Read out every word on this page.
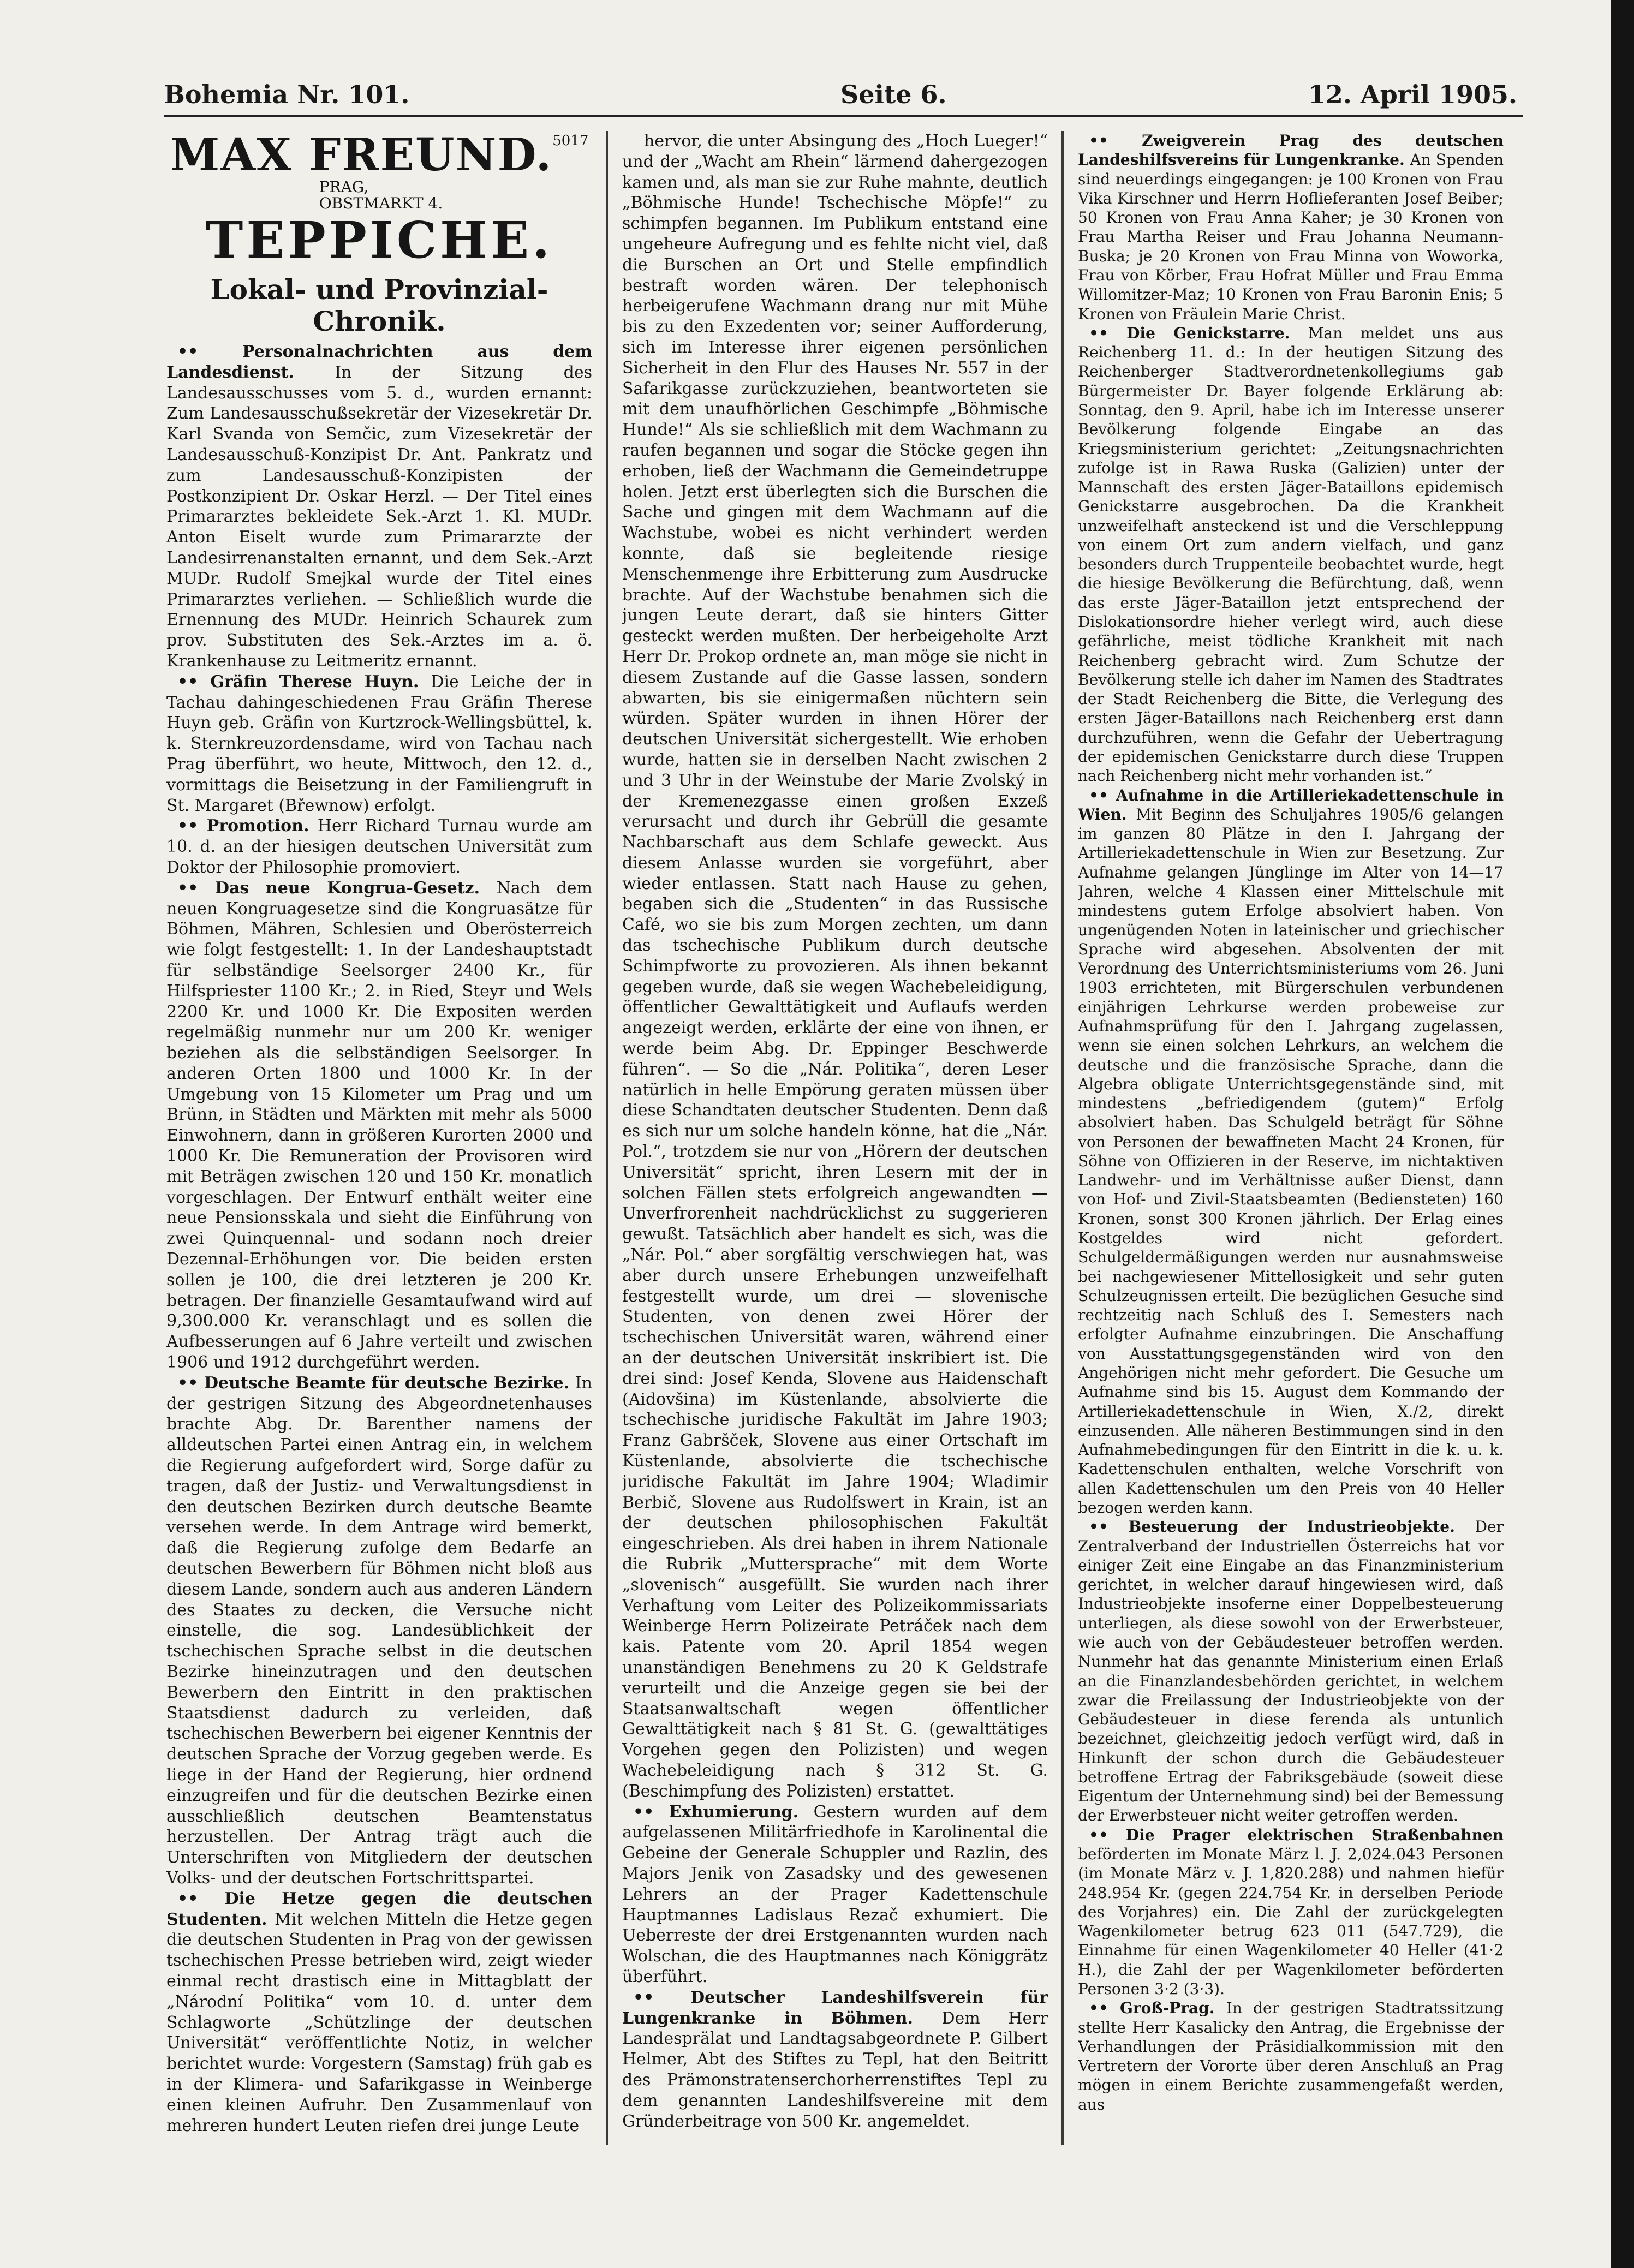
Bohemia Nr. 101.	Seite 6.	12. April 1905.
MAX FREUND.5017 PRAG,
OBSTMARKT 4.
TEPPICHE.
Lokal- und Provinzial-Chronik.

•• Personalnachrichten aus dem Landesdienst. In der Sitzung des Landesausschusses vom 5. d., wurden ernannt: Zum Landesausschußsekretär der Vizesekretär Dr. Karl Svanda von Semčic, zum Vizesekretär der Landesausschuß-Konzipist Dr. Ant. Pankratz und zum Landesausschuß-Konzipisten der Postkonzipient Dr. Oskar Herzl. — Der Titel eines Primararztes bekleidete Sek.-Arzt 1. Kl. MUDr. Anton Eiselt wurde zum Primararzte der Landesirrenanstalten ernannt, und dem Sek.-Arzt MUDr. Rudolf Smejkal wurde der Titel eines Primararztes verliehen. — Schließlich wurde die Ernennung des MUDr. Heinrich Schaurek zum prov. Substituten des Sek.-Arztes im a. ö. Krankenhause zu Leitmeritz ernannt.

•• Gräfin Therese Huyn. Die Leiche der in Tachau dahingeschiedenen Frau Gräfin Therese Huyn geb. Gräfin von Kurtzrock-Wellingsbüttel, k. k. Sternkreuzordensdame, wird von Tachau nach Prag überführt, wo heute, Mittwoch, den 12. d., vormittags die Beisetzung in der Familiengruft in St. Margaret (Břewnow) erfolgt.

•• Promotion. Herr Richard Turnau wurde am 10. d. an der hiesigen deutschen Universität zum Doktor der Philosophie promoviert.

•• Das neue Kongrua-Gesetz. Nach dem neuen Kongruagesetze sind die Kongruasätze für Böhmen, Mähren, Schlesien und Oberösterreich wie folgt festgestellt: 1. In der Landeshauptstadt für selbständige Seelsorger 2400 Kr., für Hilfspriester 1100 Kr.; 2. in Ried, Steyr und Wels 2200 Kr. und 1000 Kr. Die Expositen werden regelmäßig nunmehr nur um 200 Kr. weniger beziehen als die selbständigen Seelsorger. In anderen Orten 1800 und 1000 Kr. In der Umgebung von 15 Kilometer um Prag und um Brünn, in Städten und Märkten mit mehr als 5000 Einwohnern, dann in größeren Kurorten 2000 und 1000 Kr. Die Remuneration der Provisoren wird mit Beträgen zwischen 120 und 150 Kr. monatlich vorgeschlagen. Der Entwurf enthält weiter eine neue Pensionsskala und sieht die Einführung von zwei Quinquennal- und sodann noch dreier Dezennal-Erhöhungen vor. Die beiden ersten sollen je 100, die drei letzteren je 200 Kr. betragen. Der finanzielle Gesamtaufwand wird auf 9,300.000 Kr. veranschlagt und es sollen die Aufbesserungen auf 6 Jahre verteilt und zwischen 1906 und 1912 durchgeführt werden.

•• Deutsche Beamte für deutsche Bezirke. In der gestrigen Sitzung des Abgeordnetenhauses brachte Abg. Dr. Barenther namens der alldeutschen Partei einen Antrag ein, in welchem die Regierung aufgefordert wird, Sorge dafür zu tragen, daß der Justiz- und Verwaltungsdienst in den deutschen Bezirken durch deutsche Beamte versehen werde. In dem Antrage wird bemerkt, daß die Regierung zufolge dem Bedarfe an deutschen Bewerbern für Böhmen nicht bloß aus diesem Lande, sondern auch aus anderen Ländern des Staates zu decken, die Versuche nicht einstelle, die sog. Landesüblichkeit der tschechischen Sprache selbst in die deutschen Bezirke hineinzutragen und den deutschen Bewerbern den Eintritt in den praktischen Staatsdienst dadurch zu verleiden, daß tschechischen Bewerbern bei eigener Kenntnis der deutschen Sprache der Vorzug gegeben werde. Es liege in der Hand der Regierung, hier ordnend einzugreifen und für die deutschen Bezirke einen ausschließlich deutschen Beamtenstatus herzustellen. Der Antrag trägt auch die Unterschriften von Mitgliedern der deutschen Volks- und der deutschen Fortschrittspartei.

•• Die Hetze gegen die deutschen Studenten. Mit welchen Mitteln die Hetze gegen die deutschen Studenten in Prag von der gewissen tschechischen Presse betrieben wird, zeigt wieder einmal recht drastisch eine in Mittagblatt der „Národní Politika“ vom 10. d. unter dem Schlagworte „Schützlinge der deutschen Universität“ veröffentlichte Notiz, in welcher berichtet wurde: Vorgestern (Samstag) früh gab es in der Klimera- und Safarikgasse in Weinberge einen kleinen Aufruhr. Den Zusammenlauf von mehreren hundert Leuten riefen drei junge Leute

hervor, die unter Absingung des „Hoch Lueger!“ und der „Wacht am Rhein“ lärmend dahergezogen kamen und, als man sie zur Ruhe mahnte, deutlich „Böhmische Hunde! Tschechische Möpfe!“ zu schimpfen begannen. Im Publikum entstand eine ungeheure Aufregung und es fehlte nicht viel, daß die Burschen an Ort und Stelle empfindlich bestraft worden wären. Der telephonisch herbeigerufene Wachmann drang nur mit Mühe bis zu den Exzedenten vor; seiner Aufforderung, sich im Interesse ihrer eigenen persönlichen Sicherheit in den Flur des Hauses Nr. 557 in der Safarikgasse zurückzuziehen, beantworteten sie mit dem unaufhörlichen Geschimpfe „Böhmische Hunde!“ Als sie schließlich mit dem Wachmann zu raufen begannen und sogar die Stöcke gegen ihn erhoben, ließ der Wachmann die Gemeindetruppe holen. Jetzt erst überlegten sich die Burschen die Sache und gingen mit dem Wachmann auf die Wachstube, wobei es nicht verhindert werden konnte, daß sie begleitende riesige Menschenmenge ihre Erbitterung zum Ausdrucke brachte. Auf der Wachstube benahmen sich die jungen Leute derart, daß sie hinters Gitter gesteckt werden mußten. Der herbeigeholte Arzt Herr Dr. Prokop ordnete an, man möge sie nicht in diesem Zustande auf die Gasse lassen, sondern abwarten, bis sie einigermaßen nüchtern sein würden. Später wurden in ihnen Hörer der deutschen Universität sichergestellt. Wie erhoben wurde, hatten sie in derselben Nacht zwischen 2 und 3 Uhr in der Weinstube der Marie Zvolský in der Kremenezgasse einen großen Exzeß verursacht und durch ihr Gebrüll die gesamte Nachbarschaft aus dem Schlafe geweckt. Aus diesem Anlasse wurden sie vorgeführt, aber wieder entlassen. Statt nach Hause zu gehen, begaben sich die „Studenten“ in das Russische Café, wo sie bis zum Morgen zechten, um dann das tschechische Publikum durch deutsche Schimpfworte zu provozieren. Als ihnen bekannt gegeben wurde, daß sie wegen Wachebeleidigung, öffentlicher Gewalttätigkeit und Auflaufs werden angezeigt werden, erklärte der eine von ihnen, er werde beim Abg. Dr. Eppinger Beschwerde führen“. — So die „Nár. Politika“, deren Leser natürlich in helle Empörung geraten müssen über diese Schandtaten deutscher Studenten. Denn daß es sich nur um solche handeln könne, hat die „Nár. Pol.“, trotzdem sie nur von „Hörern der deutschen Universität“ spricht, ihren Lesern mit der in solchen Fällen stets erfolgreich angewandten — Unverfrorenheit nachdrücklichst zu suggerieren gewußt. Tatsächlich aber handelt es sich, was die „Nár. Pol.“ aber sorgfältig verschwiegen hat, was aber durch unsere Erhebungen unzweifelhaft festgestellt wurde, um drei — slovenische Studenten, von denen zwei Hörer der tschechischen Universität waren, während einer an der deutschen Universität inskribiert ist. Die drei sind: Josef Kenda, Slovene aus Haidenschaft (Aidovšina) im Küstenlande, absolvierte die tschechische juridische Fakultät im Jahre 1903; Franz Gabršček, Slovene aus einer Ortschaft im Küstenlande, absolvierte die tschechische juridische Fakultät im Jahre 1904; Wladimir Berbič, Slovene aus Rudolfswert in Krain, ist an der deutschen philosophischen Fakultät eingeschrieben. Als drei haben in ihrem Nationale die Rubrik „Muttersprache“ mit dem Worte „slovenisch“ ausgefüllt. Sie wurden nach ihrer Verhaftung vom Leiter des Polizeikommissariats Weinberge Herrn Polizeirate Petráček nach dem kais. Patente vom 20. April 1854 wegen unanständigen Benehmens zu 20 K Geldstrafe verurteilt und die Anzeige gegen sie bei der Staatsanwaltschaft wegen öffentlicher Gewalttätigkeit nach § 81 St. G. (gewalttätiges Vorgehen gegen den Polizisten) und wegen Wachebeleidigung nach § 312 St. G. (Beschimpfung des Polizisten) erstattet.

•• Exhumierung. Gestern wurden auf dem aufgelassenen Militärfriedhofe in Karolinental die Gebeine der Generale Schuppler und Razlin, des Majors Jenik von Zasadsky und des gewesenen Lehrers an der Prager Kadettenschule Hauptmannes Ladislaus Rezač exhumiert. Die Ueberreste der drei Erstgenannten wurden nach Wolschan, die des Hauptmannes nach Königgrätz überführt.

•• Deutscher Landeshilfsverein für Lungenkranke in Böhmen. Dem Herr Landesprälat und Landtagsabgeordnete P. Gilbert Helmer, Abt des Stiftes zu Tepl, hat den Beitritt des Prämonstratenserchorherrenstiftes Tepl zu dem genannten Landeshilfsvereine mit dem Gründerbeitrage von 500 Kr. angemeldet.

•• Zweigverein Prag des deutschen Landeshilfsvereins für Lungenkranke. An Spenden sind neuerdings eingegangen: je 100 Kronen von Frau Vika Kirschner und Herrn Hoflieferanten Josef Beiber; 50 Kronen von Frau Anna Kaher; je 30 Kronen von Frau Martha Reiser und Frau Johanna Neumann-Buska; je 20 Kronen von Frau Minna von Woworka, Frau von Körber, Frau Hofrat Müller und Frau Emma Willomitzer-Maz; 10 Kronen von Frau Baronin Enis; 5 Kronen von Fräulein Marie Christ.

•• Die Genickstarre. Man meldet uns aus Reichenberg 11. d.: In der heutigen Sitzung des Reichenberger Stadtverordnetenkollegiums gab Bürgermeister Dr. Bayer folgende Erklärung ab: Sonntag, den 9. April, habe ich im Interesse unserer Bevölkerung folgende Eingabe an das Kriegsministerium gerichtet: „Zeitungsnachrichten zufolge ist in Rawa Ruska (Galizien) unter der Mannschaft des ersten Jäger-Bataillons epidemisch Genickstarre ausgebrochen. Da die Krankheit unzweifelhaft ansteckend ist und die Verschleppung von einem Ort zum andern vielfach, und ganz besonders durch Truppenteile beobachtet wurde, hegt die hiesige Bevölkerung die Befürchtung, daß, wenn das erste Jäger-Bataillon jetzt entsprechend der Dislokationsordre hieher verlegt wird, auch diese gefährliche, meist tödliche Krankheit mit nach Reichenberg gebracht wird. Zum Schutze der Bevölkerung stelle ich daher im Namen des Stadtrates der Stadt Reichenberg die Bitte, die Verlegung des ersten Jäger-Bataillons nach Reichenberg erst dann durchzuführen, wenn die Gefahr der Uebertragung der epidemischen Genickstarre durch diese Truppen nach Reichenberg nicht mehr vorhanden ist.“

•• Aufnahme in die Artilleriekadettenschule in Wien. Mit Beginn des Schuljahres 1905/6 gelangen im ganzen 80 Plätze in den I. Jahrgang der Artilleriekadettenschule in Wien zur Besetzung. Zur Aufnahme gelangen Jünglinge im Alter von 14—17 Jahren, welche 4 Klassen einer Mittelschule mit mindestens gutem Erfolge absolviert haben. Von ungenügenden Noten in lateinischer und griechischer Sprache wird abgesehen. Absolventen der mit Verordnung des Unterrichtsministeriums vom 26. Juni 1903 errichteten, mit Bürgerschulen verbundenen einjährigen Lehrkurse werden probeweise zur Aufnahmsprüfung für den I. Jahrgang zugelassen, wenn sie einen solchen Lehrkurs, an welchem die deutsche und die französische Sprache, dann die Algebra obligate Unterrichtsgegenstände sind, mit mindestens „befriedigendem (gutem)“ Erfolg absolviert haben. Das Schulgeld beträgt für Söhne von Personen der bewaffneten Macht 24 Kronen, für Söhne von Offizieren in der Reserve, im nichtaktiven Landwehr- und im Verhältnisse außer Dienst, dann von Hof- und Zivil-Staatsbeamten (Bediensteten) 160 Kronen, sonst 300 Kronen jährlich. Der Erlag eines Kostgeldes wird nicht gefordert. Schulgeldermäßigungen werden nur ausnahmsweise bei nachgewiesener Mittellosigkeit und sehr guten Schulzeugnissen erteilt. Die bezüglichen Gesuche sind rechtzeitig nach Schluß des I. Semesters nach erfolgter Aufnahme einzubringen. Die Anschaffung von Ausstattungsgegenständen wird von den Angehörigen nicht mehr gefordert. Die Gesuche um Aufnahme sind bis 15. August dem Kommando der Artilleriekadettenschule in Wien, X./2, direkt einzusenden. Alle näheren Bestimmungen sind in den Aufnahmebedingungen für den Eintritt in die k. u. k. Kadettenschulen enthalten, welche Vorschrift von allen Kadettenschulen um den Preis von 40 Heller bezogen werden kann.

•• Besteuerung der Industrieobjekte. Der Zentralverband der Industriellen Österreichs hat vor einiger Zeit eine Eingabe an das Finanzministerium gerichtet, in welcher darauf hingewiesen wird, daß Industrieobjekte insoferne einer Doppelbesteuerung unterliegen, als diese sowohl von der Erwerbsteuer, wie auch von der Gebäudesteuer betroffen werden. Nunmehr hat das genannte Ministerium einen Erlaß an die Finanzlandesbehörden gerichtet, in welchem zwar die Freilassung der Industrieobjekte von der Gebäudesteuer in diese ferenda als untunlich bezeichnet, gleichzeitig jedoch verfügt wird, daß in Hinkunft der schon durch die Gebäudesteuer betroffene Ertrag der Fabriksgebäude (soweit diese Eigentum der Unternehmung sind) bei der Bemessung der Erwerbsteuer nicht weiter getroffen werden.

•• Die Prager elektrischen Straßenbahnen beförderten im Monate März l. J. 2,024.043 Personen (im Monate März v. J. 1,820.288) und nahmen hiefür 248.954 Kr. (gegen 224.754 Kr. in derselben Periode des Vorjahres) ein. Die Zahl der zurückgelegten Wagenkilometer betrug 623 011 (547.729), die Einnahme für einen Wagenkilometer 40 Heller (41·2 H.), die Zahl der per Wagenkilometer beförderten Personen 3·2 (3·3).

•• Groß-Prag. In der gestrigen Stadtratssitzung stellte Herr Kasalicky den Antrag, die Ergebnisse der Verhandlungen der Präsidialkommission mit den Vertretern der Vororte über deren Anschluß an Prag mögen in einem Berichte zusammengefaßt werden, aus
